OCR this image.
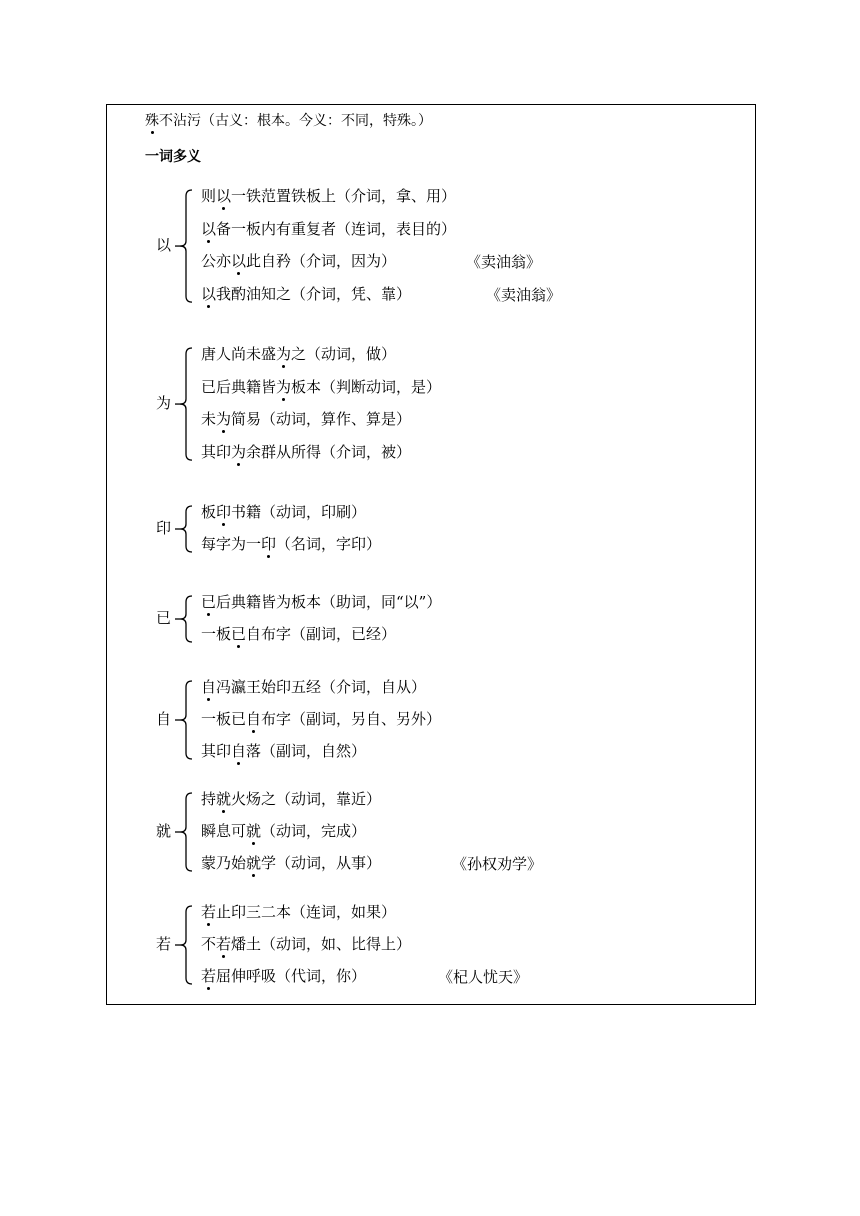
殊不沾污（古义：根本。今义：不同，特殊。）
一词多义
以
则以一铁范置铁板上（介词，拿、用）
以备一板内有重复者（连词，表目的）
公亦以此自矜（介词，因为）	《卖油翁》
以我酌油知之（介词，凭、靠）	《卖油翁》
为
唐人尚未盛为之（动词，做）
已后典籍皆为板本（判断动词，是）
未为简易（动词，算作、算是）
其印为余群从所得（介词，被）
印
板印书籍（动词，印刷）
每字为一印（名词，字印）
已
已后典籍皆为板本（助词，同“以”）
一板已自布字（副词，已经）
自
自冯瀛王始印五经（介词，自从）
一板已自布字（副词，另自、另外）
其印自落（副词，自然）
就
持就火炀之（动词，靠近）
瞬息可就（动词，完成）
蒙乃始就学（动词，从事）	《孙权劝学》
若
若止印三二本（连词，如果）
不若燔土（动词，如、比得上）
若屈伸呼吸（代词，你）	《杞人忧天》
